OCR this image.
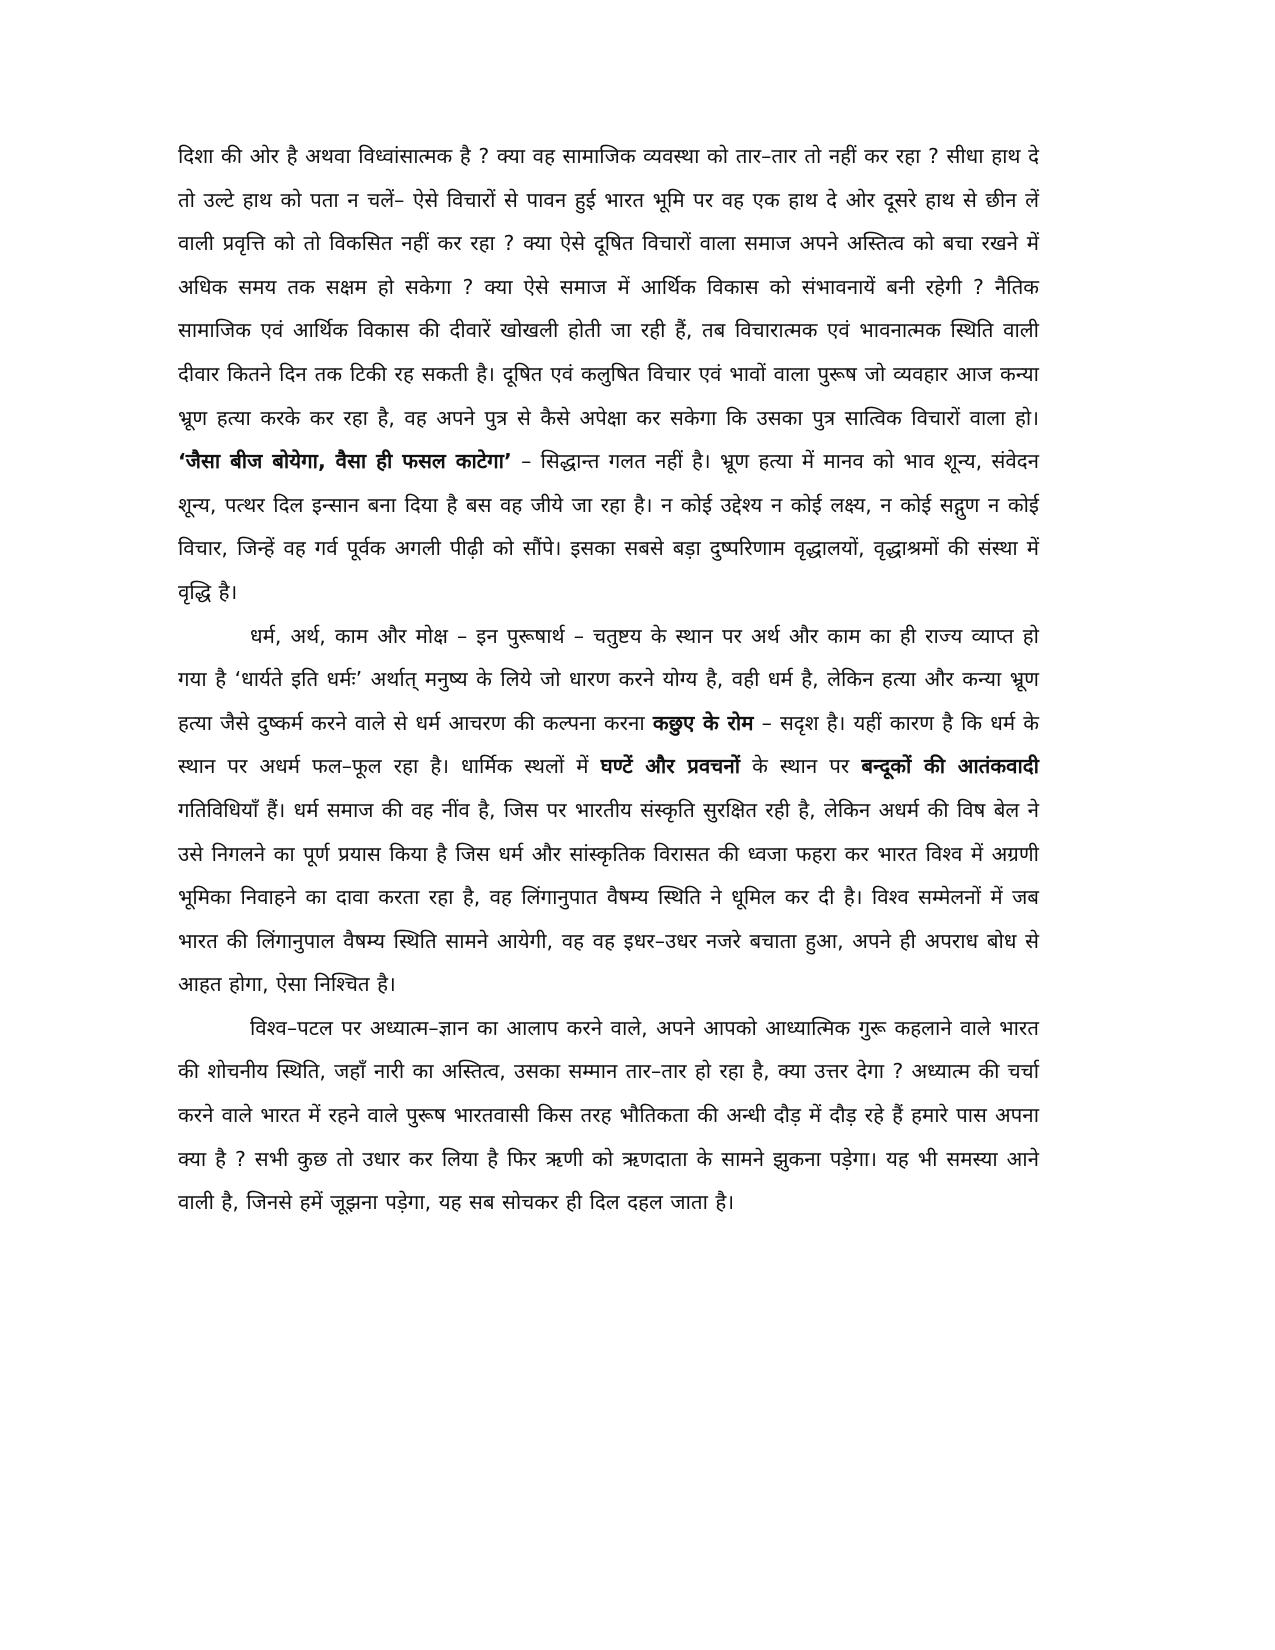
दिशा की ओर है अथवा विध्वांसात्मक है ? क्या वह सामाजिक व्यवस्था को तार–तार तो नहीं कर रहा ? सीधा हाथ दे तो उल्टे हाथ को पता न चलें– ऐसे विचारों से पावन हुई भारत भूमि पर वह एक हाथ दे ओर दूसरे हाथ से छीन लें वाली प्रवृत्ति को तो विकसित नहीं कर रहा ? क्या ऐसे दूषित विचारों वाला समाज अपने अस्तित्व को बचा रखने में अधिक समय तक सक्षम हो सकेगा ? क्या ऐसे समाज में आर्थिक विकास को संभावनायें बनी रहेगी ? नैतिक सामाजिक एवं आर्थिक विकास की दीवारें खोखली होती जा रही हैं, तब विचारात्मक एवं भावनात्मक स्थिति वाली दीवार कितने दिन तक टिकी रह सकती है। दूषित एवं कलुषित विचार एवं भावों वाला पुरूष जो व्यवहार आज कन्या भ्रूण हत्या करके कर रहा है, वह अपने पुत्र से कैसे अपेक्षा कर सकेगा कि उसका पुत्र सात्विक विचारों वाला हो। ‘जैसा बीज बोयेगा, वैसा ही फसल काटेगा’ – सिद्धान्त गलत नहीं है। भ्रूण हत्या में मानव को भाव शून्य, संवेदन शून्य, पत्थर दिल इन्सान बना दिया है बस वह जीये जा रहा है। न कोई उद्देश्य न कोई लक्ष्य, न कोई सद्गुण न कोई विचार, जिन्हें वह गर्व पूर्वक अगली पीढ़ी को सौंपे। इसका सबसे बड़ा दुष्परिणाम वृद्धालयों, वृद्धाश्रमों की संस्था में वृद्धि है।

धर्म, अर्थ, काम और मोक्ष – इन पुरूषार्थ – चतुष्टय के स्थान पर अर्थ और काम का ही राज्य व्याप्त हो गया है ‘धार्यते इति धर्मः’ अर्थात् मनुष्य के लिये जो धारण करने योग्य है, वही धर्म है, लेकिन हत्या और कन्या भ्रूण हत्या जैसे दुष्कर्म करने वाले से धर्म आचरण की कल्पना करना कछुए के रोम – सदृश है। यहीं कारण है कि धर्म के स्थान पर अधर्म फल–फूल रहा है। धार्मिक स्थलों में घण्टें और प्रवचनों के स्थान पर बन्दूकों की आतंकवादी गतिविधियाँ हैं। धर्म समाज की वह नींव है, जिस पर भारतीय संस्कृति सुरक्षित रही है, लेकिन अधर्म की विष बेल ने उसे निगलने का पूर्ण प्रयास किया है जिस धर्म और सांस्कृतिक विरासत की ध्वजा फहरा कर भारत विश्व में अग्रणी भूमिका निवाहने का दावा करता रहा है, वह लिंगानुपात वैषम्य स्थिति ने धूमिल कर दी है। विश्व सम्मेलनों में जब भारत की लिंगानुपाल वैषम्य स्थिति सामने आयेगी, वह वह इधर–उधर नजरे बचाता हुआ, अपने ही अपराध बोध से आहत होगा, ऐसा निश्चित है।

विश्व–पटल पर अध्यात्म–ज्ञान का आलाप करने वाले, अपने आपको आध्यात्मिक गुरू कहलाने वाले भारत की शोचनीय स्थिति, जहाँ नारी का अस्तित्व, उसका सम्मान तार–तार हो रहा है, क्या उत्तर देगा ? अध्यात्म की चर्चा करने वाले भारत में रहने वाले पुरूष भारतवासी किस तरह भौतिकता की अन्धी दौड़ में दौड़ रहे हैं हमारे पास अपना क्या है ? सभी कुछ तो उधार कर लिया है फिर ऋणी को ऋणदाता के सामने झुकना पड़ेगा। यह भी समस्या आने वाली है, जिनसे हमें जूझना पड़ेगा, यह सब सोचकर ही दिल दहल जाता है।
